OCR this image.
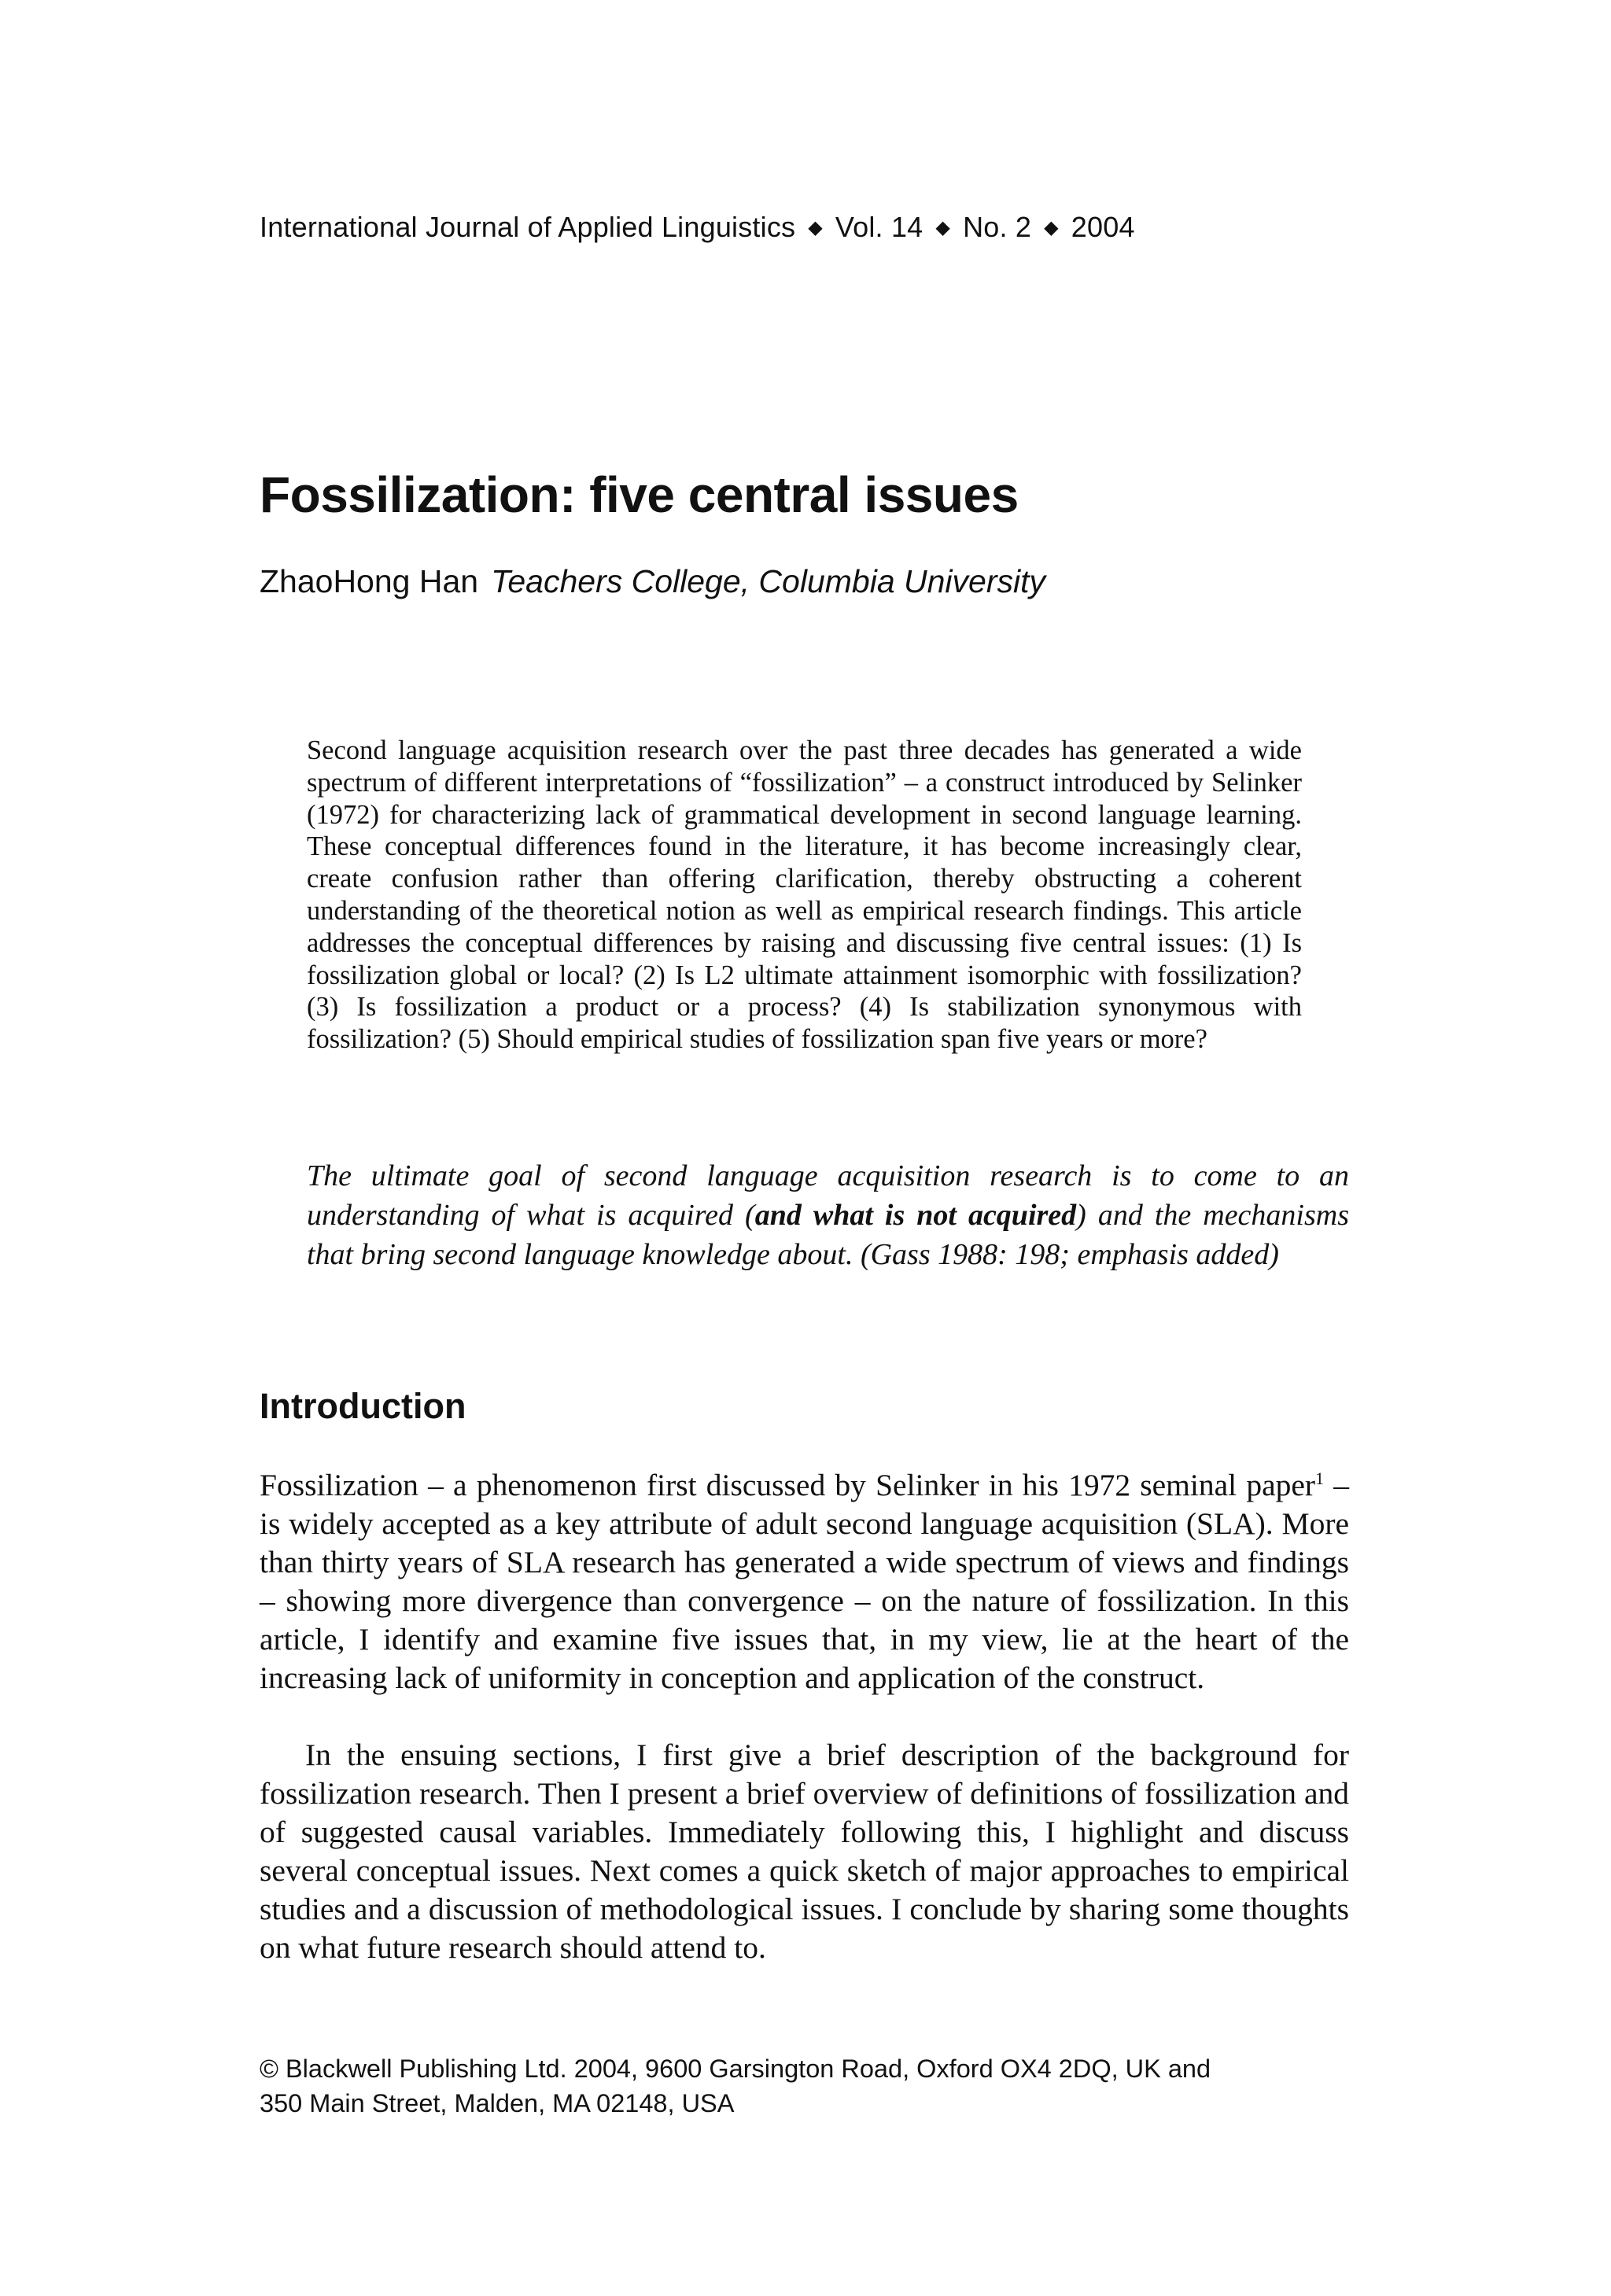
International Journal of Applied Linguistics ◆ Vol. 14 ◆ No. 2 ◆ 2004
Fossilization: five central issues
ZhaoHong Han Teachers College, Columbia University

Second language acquisition research over the past three decades has generated a wide spectrum of different interpretations of “fossilization” – a construct introduced by Selinker (1972) for characterizing lack of grammatical development in second language learning. These conceptual differences found in the literature, it has become increasingly clear, create confusion rather than offering clarification, thereby obstructing a coherent understanding of the theoretical notion as well as empirical research findings. This article addresses the conceptual differences by raising and discussing five central issues: (1) Is fossilization global or local? (2) Is L2 ultimate attainment isomorphic with fossilization? (3) Is fossilization a product or a process? (4) Is stabilization synonymous with fossilization? (5) Should empirical studies of fossilization span five years or more?

The ultimate goal of second language acquisition research is to come to an understanding of what is acquired (and what is not acquired) and the mechanisms that bring second language knowledge about. (Gass 1988: 198; emphasis added)

Introduction

Fossilization – a phenomenon first discussed by Selinker in his 1972 seminal paper$^1$ – is widely accepted as a key attribute of adult second language acquisition (SLA). More than thirty years of SLA research has generated a wide spectrum of views and findings – showing more divergence than convergence – on the nature of fossilization. In this article, I identify and examine five issues that, in my view, lie at the heart of the increasing lack of uniformity in conception and application of the construct.

In the ensuing sections, I first give a brief description of the background for fossilization research. Then I present a brief overview of definitions of fossilization and of suggested causal variables. Immediately following this, I highlight and discuss several conceptual issues. Next comes a quick sketch of major approaches to empirical studies and a discussion of methodological issues. I conclude by sharing some thoughts on what future research should attend to.

© Blackwell Publishing Ltd. 2004, 9600 Garsington Road, Oxford OX4 2DQ, UK and
350 Main Street, Malden, MA 02148, USA
